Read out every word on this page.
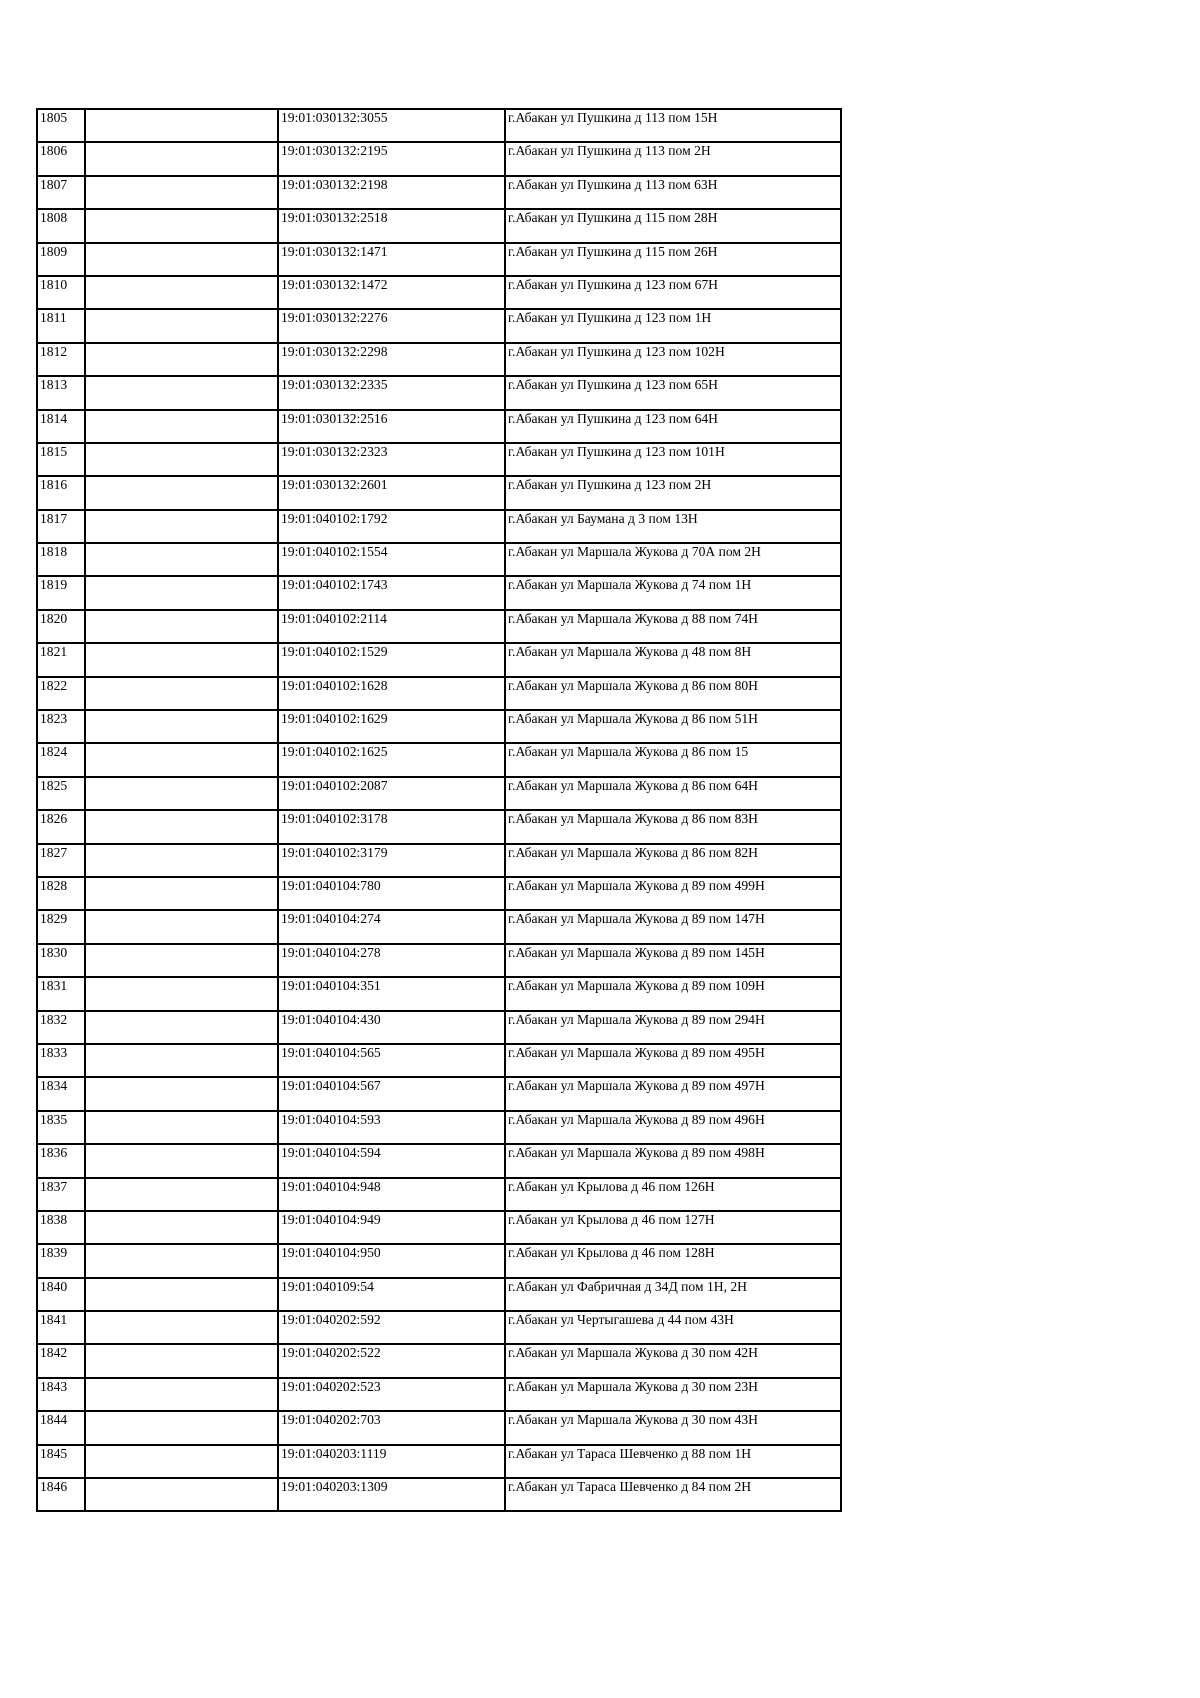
1805		19:01:030132:3055	г.Абакан ул Пушкина д 113 пом 15Н
1806		19:01:030132:2195	г.Абакан ул Пушкина д 113 пом 2Н
1807		19:01:030132:2198	г.Абакан ул Пушкина д 113 пом 63Н
1808		19:01:030132:2518	г.Абакан ул Пушкина д 115 пом 28Н
1809		19:01:030132:1471	г.Абакан ул Пушкина д 115 пом 26Н
1810		19:01:030132:1472	г.Абакан ул Пушкина д 123 пом 67Н
1811		19:01:030132:2276	г.Абакан ул Пушкина д 123 пом 1Н
1812		19:01:030132:2298	г.Абакан ул Пушкина д 123 пом 102Н
1813		19:01:030132:2335	г.Абакан ул Пушкина д 123 пом 65Н
1814		19:01:030132:2516	г.Абакан ул Пушкина д 123 пом 64Н
1815		19:01:030132:2323	г.Абакан ул Пушкина д 123 пом 101Н
1816		19:01:030132:2601	г.Абакан ул Пушкина д 123 пом 2Н
1817		19:01:040102:1792	г.Абакан ул Баумана д 3 пом 13Н
1818		19:01:040102:1554	г.Абакан ул Маршала Жукова д 70А пом 2Н
1819		19:01:040102:1743	г.Абакан ул Маршала Жукова д 74 пом 1Н
1820		19:01:040102:2114	г.Абакан ул Маршала Жукова д 88 пом 74Н
1821		19:01:040102:1529	г.Абакан ул Маршала Жукова д 48 пом 8Н
1822		19:01:040102:1628	г.Абакан ул Маршала Жукова д 86 пом 80Н
1823		19:01:040102:1629	г.Абакан ул Маршала Жукова д 86 пом 51Н
1824		19:01:040102:1625	г.Абакан ул Маршала Жукова д 86 пом 15
1825		19:01:040102:2087	г.Абакан ул Маршала Жукова д 86 пом 64Н
1826		19:01:040102:3178	г.Абакан ул Маршала Жукова д 86 пом 83Н
1827		19:01:040102:3179	г.Абакан ул Маршала Жукова д 86 пом 82Н
1828		19:01:040104:780	г.Абакан ул Маршала Жукова д 89 пом 499Н
1829		19:01:040104:274	г.Абакан ул Маршала Жукова д 89 пом 147Н
1830		19:01:040104:278	г.Абакан ул Маршала Жукова д 89 пом 145Н
1831		19:01:040104:351	г.Абакан ул Маршала Жукова д 89 пом 109Н
1832		19:01:040104:430	г.Абакан ул Маршала Жукова д 89 пом 294Н
1833		19:01:040104:565	г.Абакан ул Маршала Жукова д 89 пом 495Н
1834		19:01:040104:567	г.Абакан ул Маршала Жукова д 89 пом 497Н
1835		19:01:040104:593	г.Абакан ул Маршала Жукова д 89 пом 496Н
1836		19:01:040104:594	г.Абакан ул Маршала Жукова д 89 пом 498Н
1837		19:01:040104:948	г.Абакан ул Крылова д 46 пом 126Н
1838		19:01:040104:949	г.Абакан ул Крылова д 46 пом 127Н
1839		19:01:040104:950	г.Абакан ул Крылова д 46 пом 128Н
1840		19:01:040109:54	г.Абакан ул Фабричная д 34Д пом 1Н, 2Н
1841		19:01:040202:592	г.Абакан ул Чертыгашева д 44 пом 43Н
1842		19:01:040202:522	г.Абакан ул Маршала Жукова д 30 пом 42Н
1843		19:01:040202:523	г.Абакан ул Маршала Жукова д 30 пом 23Н
1844		19:01:040202:703	г.Абакан ул Маршала Жукова д 30 пом 43Н
1845		19:01:040203:1119	г.Абакан ул Тараса Шевченко д 88 пом 1Н
1846		19:01:040203:1309	г.Абакан ул Тараса Шевченко д 84 пом 2Н
